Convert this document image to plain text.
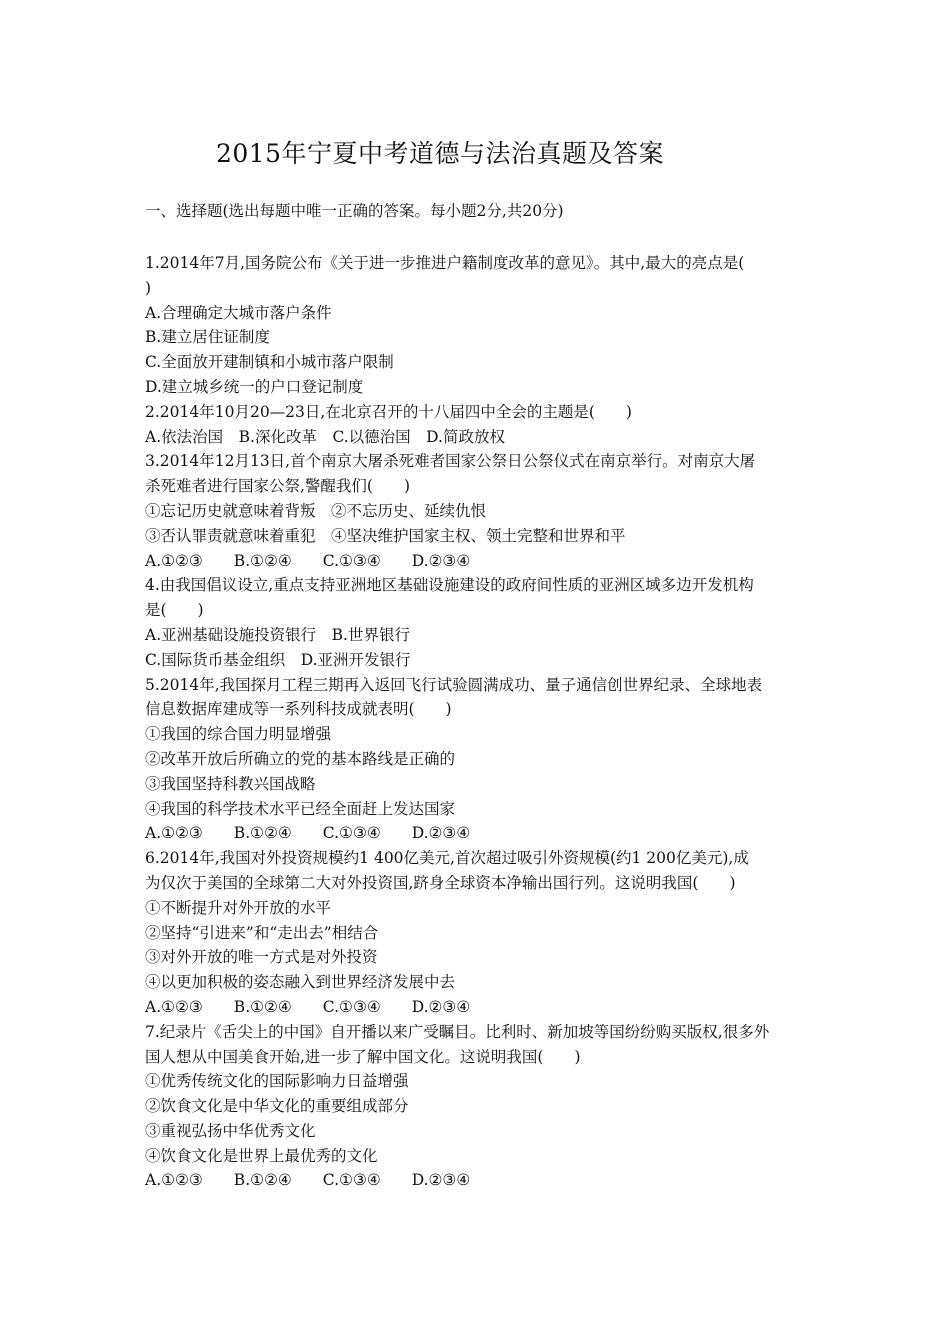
2015年宁夏中考道德与法治真题及答案
一、选择题(选出每题中唯一正确的答案。每小题2分,共20分)
1.2014年7月,国务院公布《关于进一步推进户籍制度改革的意见》。其中,最大的亮点是(
)
A.合理确定大城市落户条件
B.建立居住证制度
C.全面放开建制镇和小城市落户限制
D.建立城乡统一的户口登记制度
2.2014年10月20—23日,在北京召开的十八届四中全会的主题是(　　)
A.依法治国　B.深化改革　C.以德治国　D.简政放权
3.2014年12月13日,首个南京大屠杀死难者国家公祭日公祭仪式在南京举行。对南京大屠
杀死难者进行国家公祭,警醒我们(　　)
①忘记历史就意味着背叛　②不忘历史、延续仇恨
③否认罪责就意味着重犯　④坚决维护国家主权、领土完整和世界和平
A.①②③　　B.①②④　　C.①③④　　D.②③④
4.由我国倡议设立,重点支持亚洲地区基础设施建设的政府间性质的亚洲区域多边开发机构
是(　　)
A.亚洲基础设施投资银行　B.世界银行
C.国际货币基金组织　D.亚洲开发银行
5.2014年,我国探月工程三期再入返回飞行试验圆满成功、量子通信创世界纪录、全球地表
信息数据库建成等一系列科技成就表明(　　)
①我国的综合国力明显增强
②改革开放后所确立的党的基本路线是正确的
③我国坚持科教兴国战略
④我国的科学技术水平已经全面赶上发达国家
A.①②③　　B.①②④　　C.①③④　　D.②③④
6.2014年,我国对外投资规模约1 400亿美元,首次超过吸引外资规模(约1 200亿美元),成
为仅次于美国的全球第二大对外投资国,跻身全球资本净输出国行列。这说明我国(　　)
①不断提升对外开放的水平
②坚持“引进来”和“走出去”相结合
③对外开放的唯一方式是对外投资
④以更加积极的姿态融入到世界经济发展中去
A.①②③　　B.①②④　　C.①③④　　D.②③④
7.纪录片《舌尖上的中国》自开播以来广受瞩目。比利时、新加坡等国纷纷购买版权,很多外
国人想从中国美食开始,进一步了解中国文化。这说明我国(　　)
①优秀传统文化的国际影响力日益增强
②饮食文化是中华文化的重要组成部分
③重视弘扬中华优秀文化
④饮食文化是世界上最优秀的文化
A.①②③　　B.①②④　　C.①③④　　D.②③④
